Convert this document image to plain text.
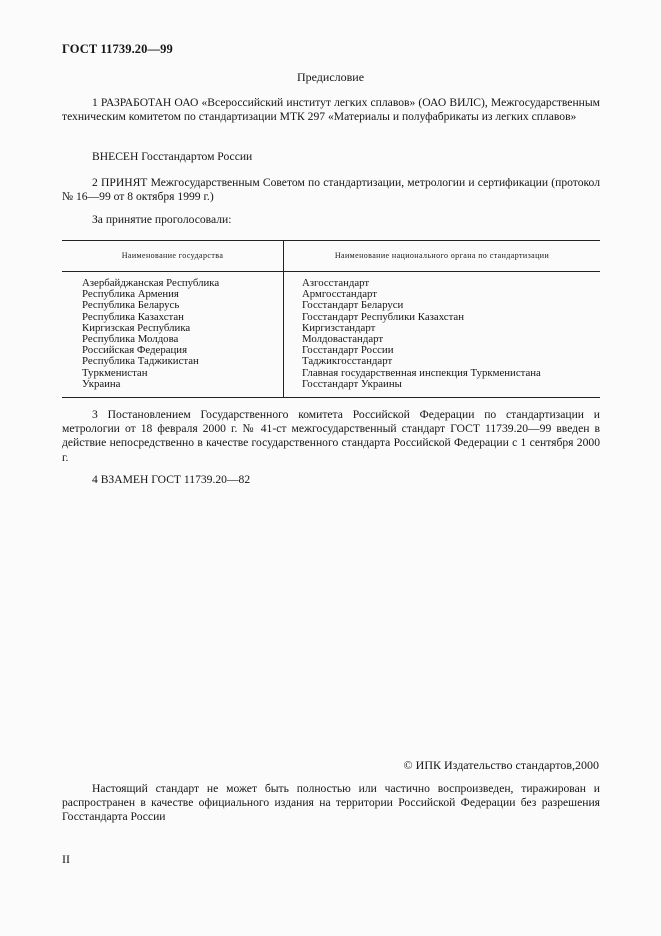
ГОСТ 11739.20—99
Предисловие
1 РАЗРАБОТАН ОАО «Всероссийский институт легких сплавов» (ОАО ВИЛС), Межгосударственным техническим комитетом по стандартизации МТК 297 «Материалы и полуфабрикаты из легких сплавов»
ВНЕСЕН Госстандартом России
2 ПРИНЯТ Межгосударственным Советом по стандартизации, метрологии и сертификации (протокол № 16—99 от 8 октября 1999 г.)
За принятие проголосовали:
Наименование государства	Наименование национального органа по стандартизации
Азербайджанская Республика
Республика Армения
Республика Беларусь
Республика Казахстан
Киргизская Республика
Республика Молдова
Российская Федерация
Республика Таджикистан
Туркменистан
Украина
Азгосстандарт
Армгосстандарт
Госстандарт Беларуси
Госстандарт Республики Казахстан
Киргизстандарт
Молдовастандарт
Госстандарт России
Таджикгосстандарт
Главная государственная инспекция Туркменистана
Госстандарт Украины
3 Постановлением Государственного комитета Российской Федерации по стандартизации и метрологии от 18 февраля 2000 г. № 41-ст межгосударственный стандарт ГОСТ 11739.20—99 введен в действие непосредственно в качестве государственного стандарта Российской Федерации с 1 сентября 2000 г.
4 ВЗАМЕН ГОСТ 11739.20—82
© ИПК Издательство стандартов,2000
Настоящий стандарт не может быть полностью или частично воспроизведен, тиражирован и распространен в качестве официального издания на территории Российской Федерации без разрешения Госстандарта России
II
